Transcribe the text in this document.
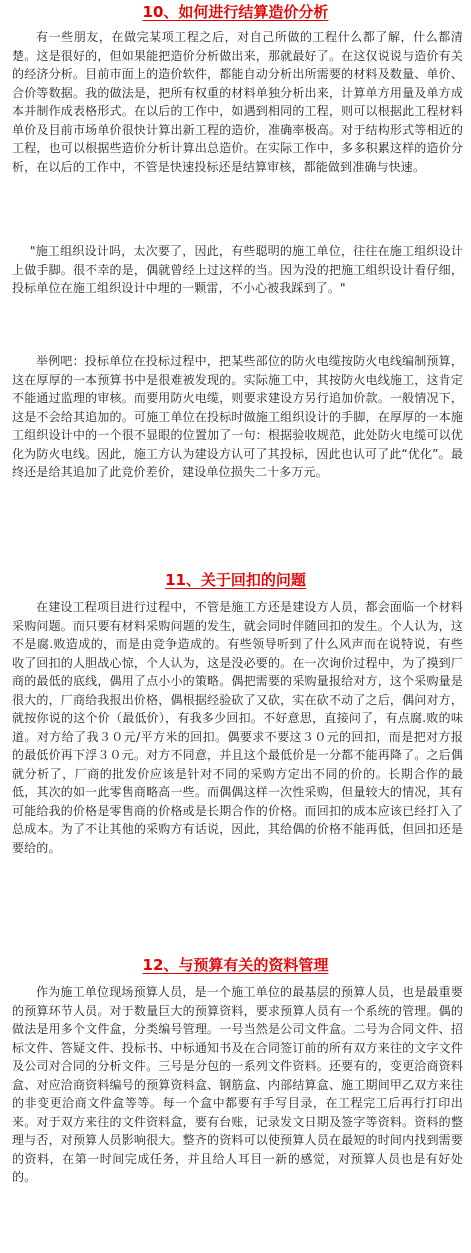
10、如何进行结算造价分析

有一些朋友，在做完某项工程之后，对自己所做的工程什么都了解，什么都清楚。这是很好的，但如果能把造价分析做出来，那就最好了。在这仅说说与造价有关的经济分析。目前市面上的造价软件，都能自动分析出所需要的材料及数量、单价、合价等数据。我的做法是，把所有权重的材料单独分析出来，计算单方用量及单方成本并制作成表格形式。在以后的工作中，如遇到相同的工程，则可以根据此工程材料单价及目前市场单价很快计算出新工程的造价，准确率极高。对于结构形式等相近的工程，也可以根据些造价分析计算出总造价。在实际工作中，多多积累这样的造价分析，在以后的工作中，不管是快速投标还是结算审核，都能做到准确与快速。

"施工组织设计吗，太次要了，因此，有些聪明的施工单位，往往在施工组织设计上做手脚。很不幸的是，偶就曾经上过这样的当。因为没的把施工组织设计看仔细，投标单位在施工组织设计中埋的一颗雷，不小心被我踩到了。"

举例吧：投标单位在投标过程中，把某些部位的防火电缆按防火电线编制预算，这在厚厚的一本预算书中是很难被发现的。实际施工中，其按防火电线施工，这肯定不能通过监理的审核。而要用防火电缆，则要求建设方另行追加价款。一般情况下，这是不会给其追加的。可施工单位在投标时做施工组织设计的手脚，在厚厚的一本施工组织设计中的一个很不显眼的位置加了一句：根据验收规范，此处防火电缆可以优化为防火电线。因此，施工方认为建设方认可了其投标，因此也认可了此“优化”。最终还是给其追加了此竞价差价，建设单位损失二十多万元。

11、关于回扣的问题

在建设工程项目进行过程中，不管是施工方还是建设方人员，都会面临一个材料采购问题。而只要有材料采购问题的发生，就会同时伴随回扣的发生。个人认为，这不是腐.败造成的，而是由竞争造成的。有些领导听到了什么风声而在说特说，有些收了回扣的人胆战心惊，个人认为，这是没必要的。在一次询价过程中，为了摸到厂商的最低的底线，偶用了点小小的策略。偶把需要的采购量报给对方，这个采购量是很大的，厂商给我报出价格，偶根据经验砍了又砍，实在砍不动了之后，偶问对方，就按你说的这个价（最低价），有我多少回扣。不好意思，直接问了，有点腐.败的味道。对方给了我３０元/平方米的回扣。偶要求不要这３０元的回扣，而是把对方报的最低价再下浮３０元。对方不同意，并且这个最低价是一分都不能再降了。之后偶就分析了，厂商的批发价应该是针对不同的采购方定出不同的价的。长期合作的最低，其次的如一此零售商略高一些。而偶偶这样一次性采购，但量较大的情况，其有可能给我的价格是零售商的价格或是长期合作的价格。而回扣的成本应该已经打入了总成本。为了不让其他的采购方有话说，因此，其给偶的价格不能再低，但回扣还是要给的。

12、与预算有关的资料管理

作为施工单位现场预算人员，是一个施工单位的最基层的预算人员，也是最重要的预算环节人员。对于数量巨大的预算资料，要求预算人员有一个系统的管理。偶的做法是用多个文件盒，分类编号管理。一号当然是公司文件盒。二号为合同文件、招标文件、答疑文件、投标书、中标通知书及在合同签订前的所有双方来往的文字文件及公司对合同的分析文件。三号是分包的一系列文件资料。还要有的，变更洽商资料盒、对应洽商资料编号的预算资料盒、钢筋盒、内部结算盒、施工期间甲乙双方来往的非变更洽商文件盒等等。每一个盒中都要有手写目录，在工程完工后再行打印出来。对于双方来往的文件资料盒，要有台账，记录发文日期及签字等资料。资料的整理与否，对预算人员影响很大。整齐的资料可以使预算人员在最短的时间内找到需要的资料，在第一时间完成任务，并且给人耳目一新的感觉，对预算人员也是有好处的。
